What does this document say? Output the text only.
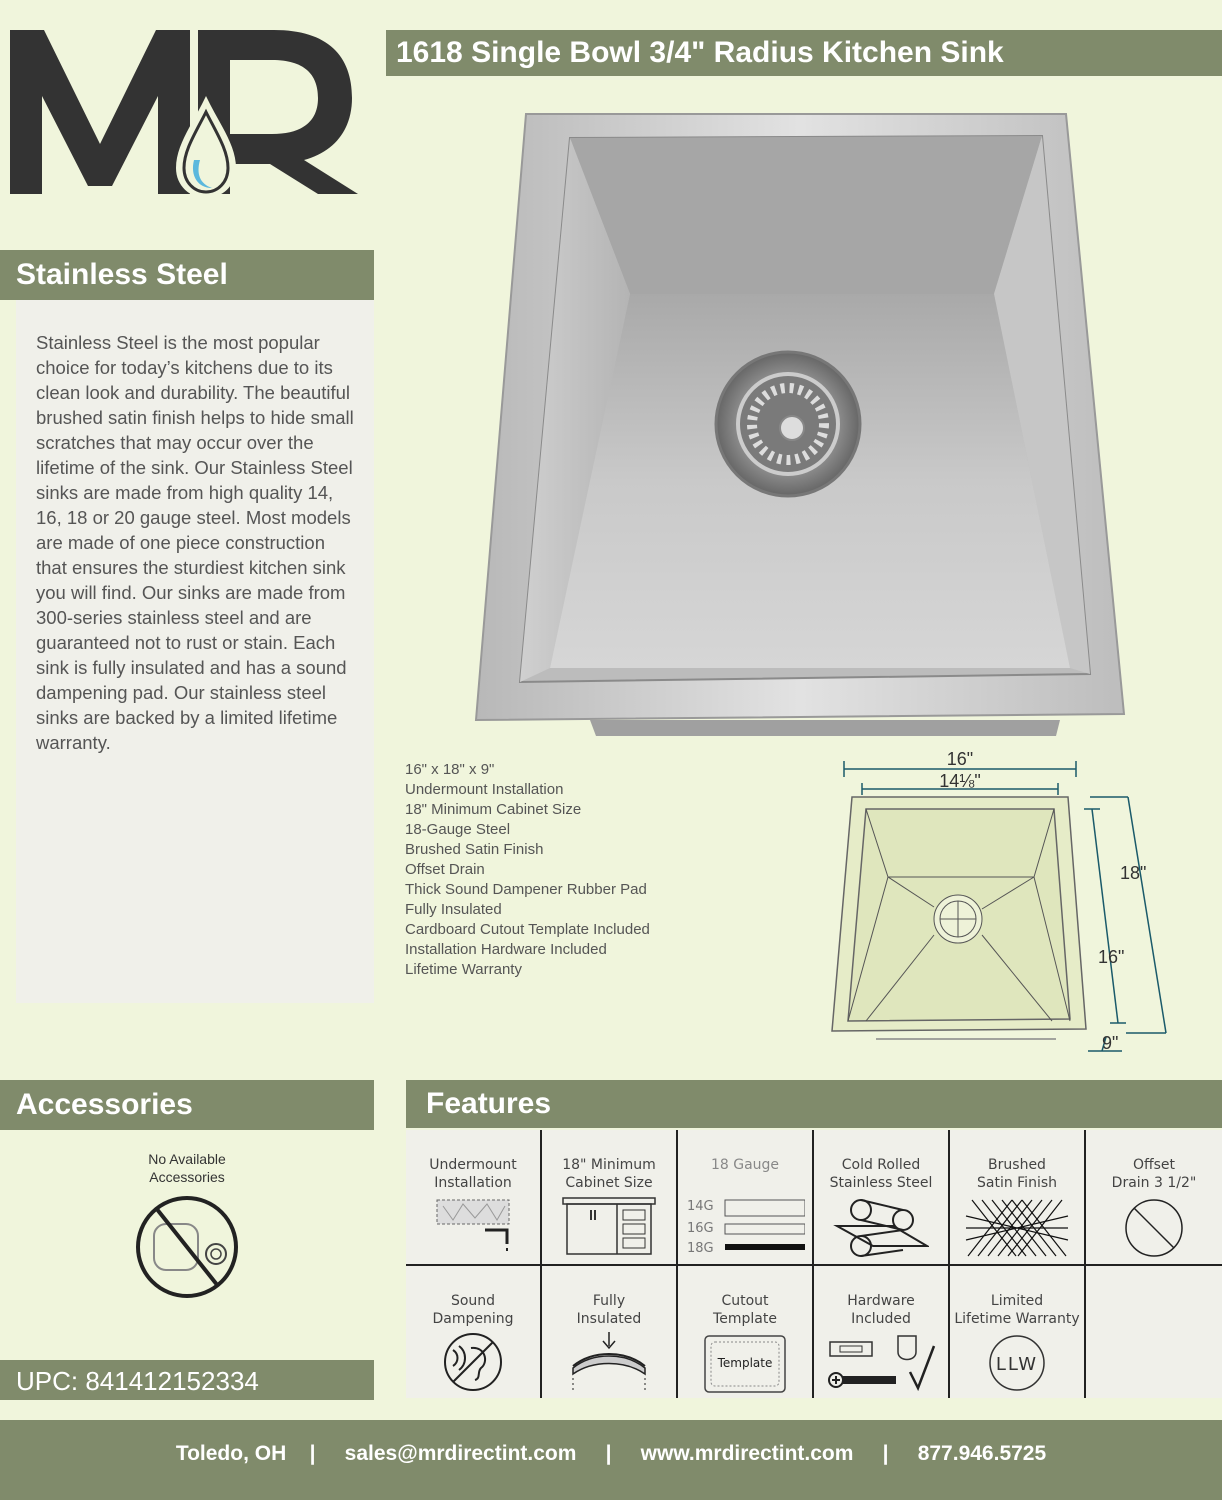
1618 Single Bowl 3/4" Radius Kitchen Sink
Stainless Steel

Stainless Steel is the most popular choice for today’s kitchens due to its clean look and durability. The beautiful brushed satin finish helps to hide small scratches that may occur over the lifetime of the sink. Our Stainless Steel sinks are made from high quality 14, 16, 18 or 20 gauge steel. Most models are made of one piece construction that ensures the sturdiest kitchen sink you will find. Our sinks are made from 300-series stainless steel and are guaranteed not to rust or stain. Each sink is fully insulated and has a sound dampening pad. Our stainless steel sinks are backed by a limited lifetime warranty.

16" x 18" x 9"
Undermount Installation
18" Minimum Cabinet Size
18-Gauge Steel
Brushed Satin Finish
Offset Drain
Thick Sound Dampener Rubber Pad
Fully Insulated
Cardboard Cutout Template Included
Installation Hardware Included
Lifetime Warranty
16"
14⅛"
18"
16"
9"
Accessories

No Available

Accessories

UPC: 841412152334
Features
Undermount
Installation
18" Minimum
Cabinet Size
18 Gauge

14G
16G
18G
Cold Rolled
Stainless Steel
Brushed
Satin Finish
Offset
Drain 3 1/2"
Sound
Dampening
Fully
Insulated
Cutout
Template
Template
Hardware
Included
Limited
Lifetime Warranty
LLW
Toledo, OH | sales@mrdirectint.com | www.mrdirectint.com | 877.946.5725
